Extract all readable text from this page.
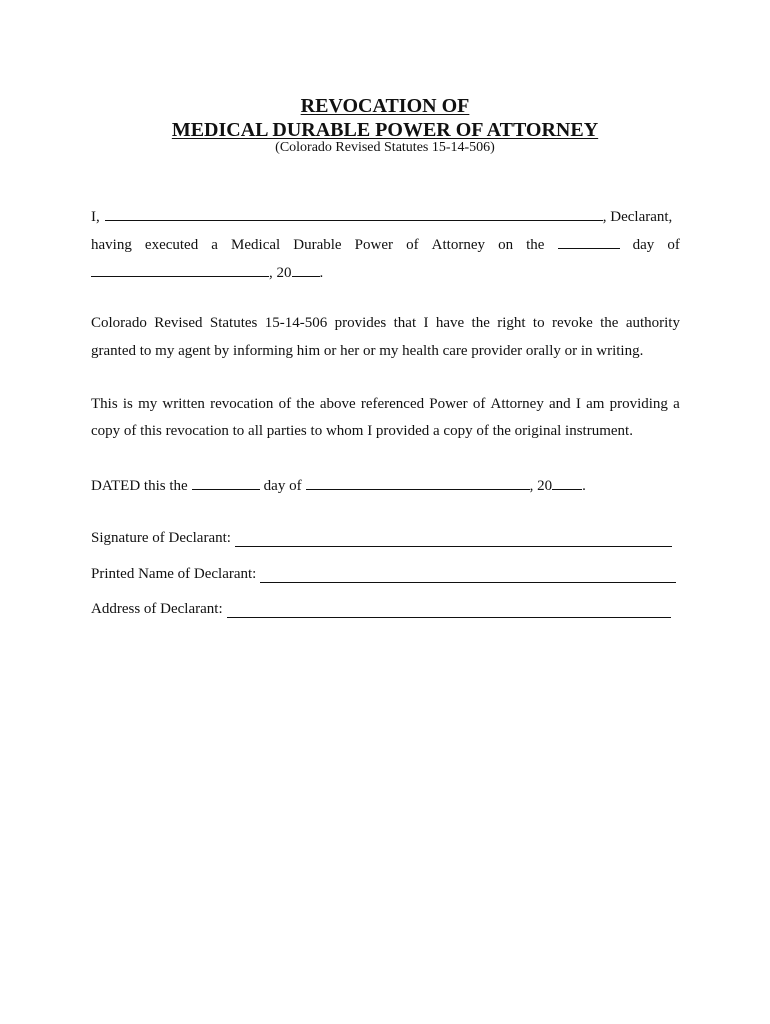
REVOCATION OF
MEDICAL DURABLE POWER OF ATTORNEY
(Colorado Revised Statutes 15-14-506)
I,	, Declarant,
having executed a Medical Durable Power of Attorney on the	day of
, 20 .
Colorado Revised Statutes 15-14-506 provides that I have the right to revoke the authority
granted to my agent by informing him or her or my health care provider orally or in writing.
This is my written revocation of the above referenced Power of Attorney and I am providing a
copy of this revocation to all parties to whom I provided a copy of the original instrument.
DATED this the	day of	, 20 .
Signature of Declarant:
Printed Name of Declarant:
Address of Declarant:
